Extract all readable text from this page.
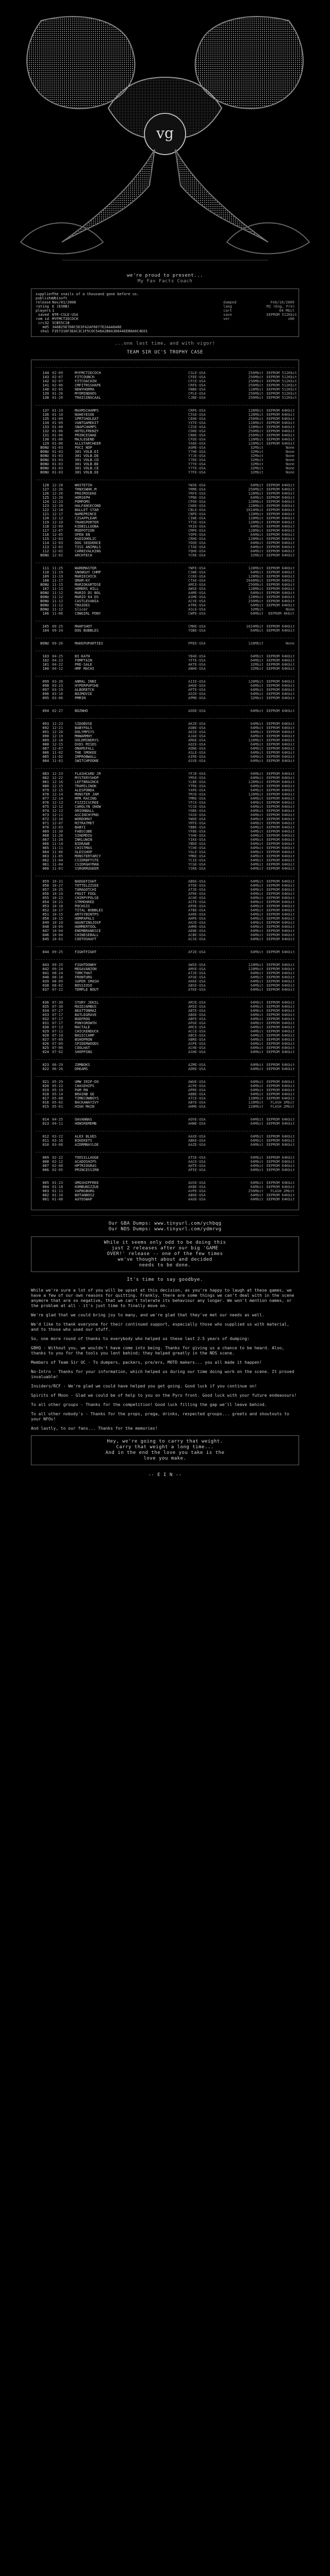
vg
we're proud to present...
My Fav Facts Coach
supplier
The snails of a thousand gone before us.
publisher
Ubisoft
release Nov/01/2008	dumped	Feb/16/2009
rating E (ESRB)	lang	M2 (Eng, Fre)
players 1	cart	64 Mbit
saved NTR-CSLE-USA	save	EEPROM 512Kbit
rom id MYFMCTIECOCH	ver	v00
crc32 5CB55C1B
md5 3A6B25E7D8C5E3FA2AF6677E2AAA6A6E
sha1 F357316F3EAC3C1F5C0C5A6A2B6A3D6A4EEB8A6C4E01
...one last time, and with vigor!
TEAM SIR UC'S TROPHY CASE
144 02-09	MYFMCTIECOCH	CSLE-USA	256Mbit EEPROM 512Kbit
143 02-07	FITCOUNCH	CFEE-USA	256Mbit EEPROM 512Kbit
142 02-07	FITCOACHIN	CFCE-USA	256Mbit EEPROM 512Kbit
141 02-06	CMFITRSSHAPE	CRFE-USA	256Mbit EEPROM 512Kbit
140 02-05	NEWYHORMA	VNBE-USA	128Mbit EEPROM 512Kbit
139 01-26	MYOMINDHOS	CPLE-USA	256Mbit EEPROM 512Kbit
138 01-20	TRAISINGCAAL	CJNE-USA	256Mbit EEPROM 512Kbit
137 01-19	MAXMSCHAMPS	CRPE-USA	128Mbit EEPROM 64Kbit
136 01-10	NUHEYESOE	C5SE-USA	128Mbit EEPROM 64Kbit
135 01-09	SPRTSHOLEAT	CEHE-USA	256Mbit EEPROM 64Kbit
134 01-09	VANTGAMEKIT	YXTE-USA	128Mbit EEPROM 64Kbit
133 01-08	SNAPCHAMPS	CZSE-USA	128Mbit EEPROM 64Kbit
132 01-06	HOTELFRENZY	COHE-USA	256Mbit EEPROM 64Kbit
131 01-06	PRINCESWAE	CN8E-USA	256Mbit EEPROM 64Kbit
130 01-06	MAJLEGEND	CFDE-USA	128Mbit EEPROM 64Kbit
129 01-06	ALLSTARCHEER	YA6E-USA	128Mbit EEPROM 64Kbit
BONU 01-03	POCI NOP	AGME-USA	32Mbit	None
BONU 01-03	301 VOLB.EI	Y7HE-USA	32Mbit	None
BONU 01-03	301 VOLB.DE	Y7JE-USA	32Mbit	None
BONU 01-03	301 VOLB.CD	Y7DE-USA	32Mbit	None
BONU 01-03	301 VOLB.BE	Y7YE-USA	32Mbit	None
BONU 01-03	301 VOLB.CE	Y7TE-USA	32Mbit	None
BONU 01-03	301 VOLB.EE	Y7FE-USA	32Mbit	None
128 12-28	WHITETIH	YW3E-USA	64Mbit EEPROM 64Kbit
127 12-26	TRNXSWHK.M	YRME-USA	256Mbit EEPROM 64Kbit
126 12-26	PROJROSEKE	YRFE-USA	128Mbit EEPROM 64Kbit
125 12-26	HORSEPH	YPNE-USA	64Mbit EEPROM 64Kbit
124 12-23	POMPOMS	CPOE-USA	128Mbit EEPROM 64Kbit
123 12-20	HALFANSECOND	CH8E-USA	128Mbit EEPROM 64Kbit
122 12-18	BALLET STAR	CBLE-USA	1024Mbit EEPROM 64Kbit
121 12-17	NAMEPRINCE	CNPE-USA	128Mbit EEPROM 64Kbit
120 12-12	CISAPPLEAM	CIWE-USA	128Mbit EEPROM 64Kbit
119 12-10	TRANSPORTER	YTSE-USA	128Mbit EEPROM 64Kbit
118 12-09	KIDBILLGOBA	YKIE-USA	64Mbit EEPROM 64Kbit
117 12-07	MODPOTION	CMPE-USA	128Mbit EEPROM 64Kbit
116 12-05	OPEN EN	YOPE-USA	64Mbit EEPROM 64Kbit
115 12-03	RADIOHOLIC	CRHE-USA	128Mbit EEPROM 64Kbit
114 12-03	DOG SEQUENCE	YDQE-USA	64Mbit EEPROM 64Kbit
113 12-02	TISS ANIMALS	CTAE-USA	64Mbit EEPROM 64Kbit
112 12-02	CARNIVALKING	YQHE-USA	64Mbit EEPROM 64Kbit
BONU 12-02	ARCHTECH	YCRE-USA	32Mbit EEPROM 64Kbit
111 11-25	WARDMASTER	YWFE-USA	128Mbit EEPROM 64Kbit
110 11-19	SNOWGUY CHMP	CSWE-USA	64Mbit EEPROM 64Kbit
109 11-19	MARIECHICK	CCKE-USA	128Mbit EEPROM 64Kbit
108 11-17	QMAM-KY	CTAE-USA	2048Mbit EEPROM 64Kbit
BONU 11-15	MARIOKARTDSE	AMCE-USA	256Mbit EEPROM 64Kbit
107 11-13	HOMERS HILL	AWSE-USA	128Mbit EEPROM 64Kbit
BONU 11-12	MARIO DS BOL	A4ME-USA	64Mbit EEPROM 64Kbit
BONU 11-12	MARIO 64 DS	ASME-USA	128Mbit EEPROM 64Kbit
BONU 11-12	CASTLEVANIA	ACVE-USA	256Mbit EEPROM 64Kbit
BONU 11-12	TRAIDES	ATRE-USA	64Mbit EEPROM 64Kbit
BONU 11-12	Slicer	ASLE-USA	32Mbit	None
106 11-06	COWGIRL PONY	CWPE-USA	64Mbit	EEPROM 4Kbit
105 09-25	MAHFSHOT	CMHE-USA	1024Mbit EEPROM 64Kbit
104 09-24	DOG BUBBLES	YQBE-USA	64Mbit EEPROM 64Kbit
BONU 09-26	MAKEPUPARTIES	PPEE-USA	128Mbit	None
103 04-25	BI-KATH	YB4E-USA	64Mbit EEPROM 64Kbit
102 04-23	FOMPTAIN	YFTE-USA	64Mbit EEPROM 64Kbit
101 04-22	PRE-SALE	AKTE-USA	32Mbit EEPROM 64Kbit
100 04-12	HMF MACHI	ANHE-USA	32Mbit EEPROM 64Kbit
099 03-26	ANMAL INNI	AIIE-USA	128Mbit EEPROM 64Kbit
098 03-23	HYPERPUPSHE	AHUE-USA	64Mbit EEPROM 64Kbit
097 03-19	ALBORETCK	APTE-USA	64Mbit EEPROM 64Kbit
096 03-16	BOZMOVIE	AO2E-USA	64Mbit EEPROM 64Kbit
095 03-06	PMRIN	APME-USA	32Mbit EEPROM 64Kbit
094 02-27	BOZNHO	AOOE-USA	64Mbit EEPROM 64Kbit
093 12-23	SIDOBVSE	AKZE-USA	64Mbit EEPROM 64Kbit
092 12-21	BABYPALS	AQBE-USA	64Mbit EEPROM 64Kbit
091 12-20	DOLYMPIYS	AKSE-USA	64Mbit EEPROM 64Kbit
090 12-19	MHWARMHY	AJAE-USA	64Mbit EEPROM 64Kbit
089 12-18	GOLDMINERYS	AMGE-USA	128Mbit EEPROM 64Kbit
088 12-15	DVDS MISDS	AQIE-USA	64Mbit EEPROM 64Kbit
087 12-07	ONAMSFALL	AQNE-USA	64Mbit EEPROM 64Kbit
086 11-02	THE SMOKEE	ASLE-USA	64Mbit EEPROM 64Kbit
085 11-02	IMPROBWALL	AIRE-USA	64Mbit EEPROM 64Kbit
084 11-01	SWITCHPOONE	ASVE-USA	64Mbit EEPROM 64Kbit
083 12-23	FLASHCARD JR	YFJE-USA	64Mbit EEPROM 64Kbit
082 12-22	MYSTERYSHOP	YMSE-USA	64Mbit EEPROM 64Kbit
081 12-16	LEFTBRAINCK	YLBE-USA	128Mbit EEPROM 64Kbit
080 12-15	TRAMILINOK	YTRE-USA	64Mbit EEPROM 64Kbit
079 12-15	ALESPONDA	YAPE-USA	64Mbit EEPROM 64Kbit
078 12-14	MONSTER JAM	YMJE-USA	128Mbit EEPROM 64Kbit
077 12-14	MPR RACING	YMRE-USA	64Mbit EEPROM 64Kbit
076 12-13	FIZZICSCREE	YFCE-USA	64Mbit EEPROM 64Kbit
075 12-12	CAROLYN SNOW	YCSE-USA	64Mbit EEPROM 64Kbit
074 12-12	ORIONBALL	YOBE-USA	64Mbit EEPROM 64Kbit
073 12-11	ASCINCHYPNO	YASE-USA	64Mbit EEPROM 64Kbit
072 12-10	WORDOMAT	YWOE-USA	64Mbit EEPROM 64Kbit
071 12-07	MITRATMET	YMTE-USA	64Mbit EEPROM 64Kbit
070 12-03	BABYI	YBBE-USA	64Mbit EEPROM 64Kbit
069 11-30	FABSCUBE	YFBE-USA	64Mbit EEPROM 64Kbit
068 11-26	SIHEMDIG	YSHE-USA	64Mbit EEPROM 64Kbit
067 11-20	INKLUWIN	YIKE-USA	64Mbit EEPROM 64Kbit
066 11-14	BIDRAWE	YBDE-USA	64Mbit EEPROM 64Kbit
065 11-11	CHISTMAS	YCHE-USA	64Mbit EEPROM 64Kbit
064 11-06	GLESSHOP	YGLE-USA	64Mbit EEPROM 64Kbit
063 11-05	MONSTERTARCY	YMNE-USA	64Mbit EEPROM 64Kbit
062 11-04	CSIDRBFTSTE	YCIE-USA	64Mbit EEPROM 64Kbit
061 11-04	CSIDRGHYMAN	YCGE-USA	64Mbit EEPROM 64Kbit
060 11-01	SSRGRRUGEER	YSRE-USA	64Mbit EEPROM 64Kbit
059 10-31	BADGEFIGHT	AB6E-USA	64Mbit EEPROM 64Kbit
058 10-27	TOTTELZZSEE	ATOE-USA	64Mbit EEPROM 64Kbit
057 10-25	TAMAGOTCHI	AT3E-USA	64Mbit EEPROM 64Kbit
056 10-24	FRUIT FOOL	AFRE-USA	64Mbit EEPROM 64Kbit
055 10-22	CHIRPYPOLSE	ACHE-USA	64Mbit EEPROM 64Kbit
054 10-21	STRMOHREE	ASTE-USA	64Mbit EEPROM 64Kbit
053 10-18	POCHSIS	APOE-USA	64Mbit EEPROM 64Kbit
052 10-17	TITAL BOBBLES	ATBE-USA	64Mbit EEPROM 64Kbit
051 10-15	ARTSYBINTPS	AARE-USA	64Mbit EEPROM 64Kbit
050 10-15	HOMPAPALS	AHPE-USA	64Mbit EEPROM 64Kbit
049 10-10	HAUNTINGJOSP	AHJE-USA	64Mbit EEPROM 64Kbit
048 10-09	HAMMERTOOL	AHME-USA	64Mbit EEPROM 64Kbit
047 10-04	ENEMBRANESCE	AENE-USA	64Mbit EEPROM 64Kbit
046 10-04	CHINESEBALL	ACBE-USA	64Mbit EEPROM 64Kbit
045 10-01	COOTOSHAFT	ACSE-USA	64Mbit EEPROM 64Kbit
044 09-25	FIGHTFIGHT	AF2E-USA	64Mbit EEPROM 64Kbit
043 09-25	FIGHTDOWHY	AWSE-USA	128Mbit EEPROM 64Kbit
042 09-24	MEGAVANZON	AMVE-USA	128Mbit EEPROM 64Kbit
041 08-24	TOMCTHAT	AT2E-USA	64Mbit EEPROM 64Kbit
040 08-18	FRONTURG	AFUE-USA	64Mbit EEPROM 64Kbit
039 08-09	SUPER SMASH	AKKE-USA	64Mbit EEPROM 64Kbit
038 08-02	BOSSIOSO	ABSE-USA	64Mbit EEPROM 64Kbit
037 07-21	TEMPLE BOUT	ATKE-USA	64Mbit EEPROM 64Kbit
036 07-30	STURY JEKIL	AMJE-USA	64Mbit EEPROM 64Kbit
035 07-30	MAIDJAMBUS	AMIE-USA	64Mbit EEPROM 64Kbit
034 07-27	BEATTONMAI	ABTE-USA	64Mbit EEPROM 64Kbit
033 07-17	BATLEGRAVE	ABGE-USA	64Mbit EEPROM 64Kbit
032 07-17	BUDFROG	ABFE-USA	64Mbit EEPROM 64Kbit
031 07-17	PONYGROWTH	APGE-USA	64Mbit EEPROM 64Kbit
030 07-13	MACTALE	AMCE-USA	64Mbit EEPROM 64Kbit
029 07-11	CHICKENDUCK	ACCE-USA	64Mbit EEPROM 64Kbit
028 07-10	BASICCAMP	ABCE-USA	64Mbit EEPROM 64Kbit
027 07-09	BSHOPRON	ABRE-USA	64Mbit EEPROM 64Kbit
026 07-09	SPIDERWOODS	ASPE-USA	64Mbit EEPROM 64Kbit
025 07-06	COOLHAT	ACHE-USA	64Mbit EEPROM 64Kbit
024 07-02	SHOPPING	ASHE-USA	64Mbit EEPROM 64Kbit
023 06-29	ZOMBOKS	AZME-USA	64Mbit EEPROM 64Kbit
022 06-26	DREAMS	ADRE-USA	64Mbit EEPROM 64Kbit
021 05-29	UMW IRIP-DO	AWUE-USA	64Mbit EEPROM 64Kbit
020 05-22	CHASEHIPS	ACPE-USA	64Mbit EEPROM 64Kbit
019 05-19	PAM RN	APRE-USA	64Mbit EEPROM 64Kbit
018 05-14	BRAINB GE	ABBE-USA	64Mbit EEPROM 64Kbit
017 05-08	TIMECOWBOYS	ATCE-USA	128Mbit EEPROM 64Kbit
016 05-02	BACKAWAYIVY	ABYE-USA	128Mbit	FLASH 2Mbit
015 05-01	HIGH MAIN	AHME-USA	128Mbit	FLASH 2Mbit
014 04-25	OAVANNAS	AOVE-USA	64Mbit EEPROM 64Kbit
013 04-11	HOWSREMEMB	AHWE-USA	64Mbit EEPROM 64Kbit
012 03-22	ALEX BLUES	AAXE-USA	64Mbit EEPROM 64Kbit
011 03-16	BIKEKETS	ABKE-USA	64Mbit EEPROM 64Kbit
010 03-08	AZORMBAYLOE	AAZE-USA	64Mbit EEPROM 64Kbit
009 02-22	TOOSILLAGGE	ATSE-USA	64Mbit EEPROM 64Kbit
008 02-12	ACADOSHIPS	AACE-USA	64Mbit EEPROM 64Kbit
007 02-08	HPTRIOGRAS	AHTE-USA	64Mbit EEPROM 64Kbit
006 02-05	PRINCESSIRN	APIE-USA	64Mbit EEPROM 64Kbit
005 01-23	UMGSHIPFREE	AUSE-USA	64Mbit EEPROM 64Kbit
004 01-18	KOMBUNIZZUE	AKBE-USA	64Mbit EEPROM 64Kbit
003 01-11	VAPNSBURG	AVPE-USA	256Mbit	FLASH 2Mbit
002 01-10	BOTANBOSZ	ABOE-USA	64Mbit EEPROM 64Kbit
001 01-08	AUTOSWAP	AAUE-USA	64Mbit EEPROM 64Kbit
Our GBA Dumps: www.tinyurl.com/ychbqg
Our NDS Dumps: www.tinyurl.com/ydmrvg
While it seems only odd to be doing this
just 2 releases after our big 'GAME
OVER!' release -- one of the few times
we've thought about and decided
needs to be done.
It's time to say goodbye.

While we're sure a lot of you will be upset at this decision, as you're happy to laugh at these games, we have a few of our own reasons for quitting. Frankly, there are some things we can't deal with in the scene anymore that are so negative, that we can't tolerate its behaviour any longer. We won't mention names, or the problem at all - it's just time to finally move on.

We're glad that we could bring joy to many, and we're glad that they've met our needs as well.

We'd like to thank everyone for their continued support, especially those who supplied us with material, and to those who used our stuff.

So, one more round of thanks to everybody who helped us these last 2.5 years of dumping:

GBHQ - Without you, we wouldn't have come into being. Thanks for giving us a chance to be heard. Also, thanks to you for the tools you lent behind; they helped greatly in the NDS scene.

Members of Team Sir UC - To dumpers, packers, pre/ers, MOTD makers... you all made it happen!

No-Intro - Thanks for your information, which helped us during our time doing work on the scene. It proved invaluable!

Insiders/RCF - We're glad we could have helped you get going. Good luck if you continue on!

Spirits of Moon - Glad we could be of help to you on the Pyro front. Good luck with your future endeavours!

To all other groups - Thanks for the competition! Good luck filling the gap we'll leave behind.

To all other nobody's - Thanks for the props, prega, drinks, respected groups... greets and shoutouts to your NFOs!

And lastly, to our fans... Thanks for the memories!

Hey, we're going to carry that weight.
Carry that weight a long time...
And in the end the love you take is the
love you make.
-- E I N --
